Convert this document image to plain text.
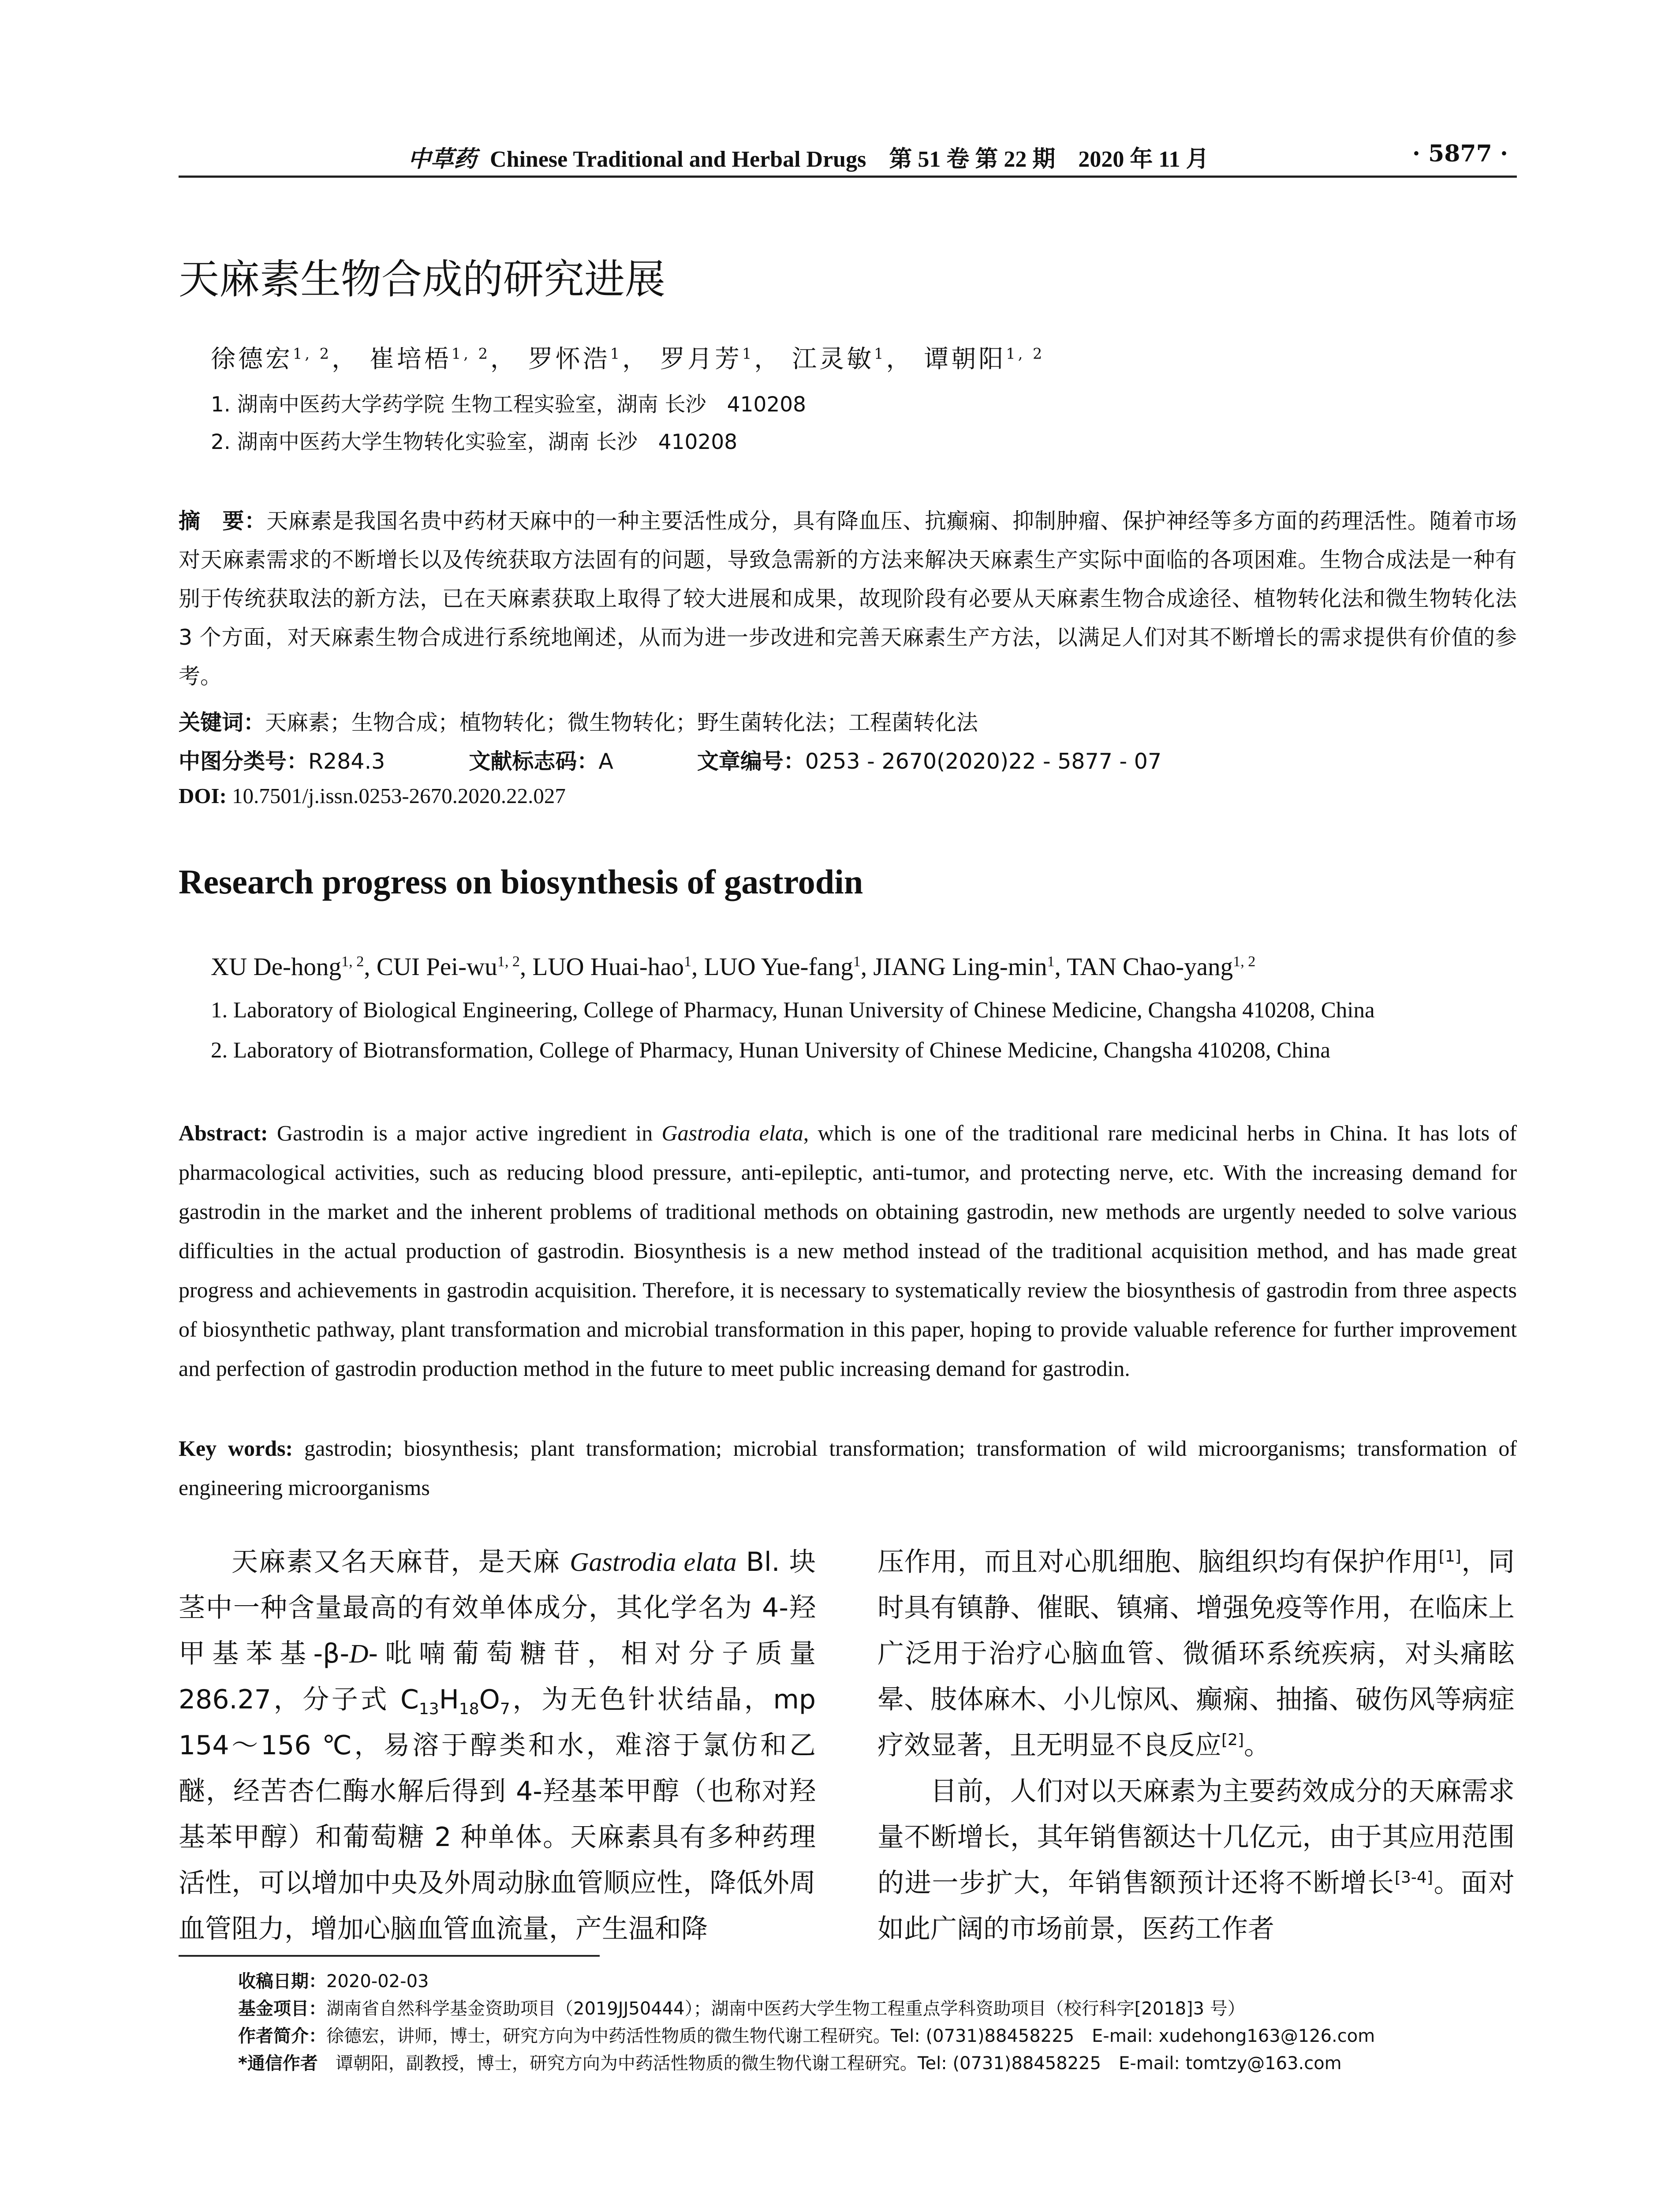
中草药 Chinese Traditional and Herbal Drugs　第 51 卷 第 22 期　2020 年 11 月	· 5877 ·
天麻素生物合成的研究进展
徐德宏$^{1, 2}$， 崔培梧$^{1, 2}$， 罗怀浩$^1$， 罗月芳$^1$， 江灵敏$^1$， 谭朝阳$^{1, 2}$
1. 湖南中医药大学药学院 生物工程实验室，湖南 长沙　410208
2. 湖南中医药大学生物转化实验室，湖南 长沙　410208
摘　要：天麻素是我国名贵中药材天麻中的一种主要活性成分，具有降血压、抗癫痫、抑制肿瘤、保护神经等多方面的药理活性。随着市场对天麻素需求的不断增长以及传统获取方法固有的问题，导致急需新的方法来解决天麻素生产实际中面临的各项困难。生物合成法是一种有别于传统获取法的新方法，已在天麻素获取上取得了较大进展和成果，故现阶段有必要从天麻素生物合成途径、植物转化法和微生物转化法 3 个方面，对天麻素生物合成进行系统地阐述，从而为进一步改进和完善天麻素生产方法，以满足人们对其不断增长的需求提供有价值的参考。
关键词：天麻素；生物合成；植物转化；微生物转化；野生菌转化法；工程菌转化法
中图分类号：R284.3	文献标志码：A	文章编号：0253 - 2670(2020)22 - 5877 - 07
DOI: 10.7501/j.issn.0253-2670.2020.22.027
Research progress on biosynthesis of gastrodin
XU De-hong$^{1, 2}$, CUI Pei-wu$^{1, 2}$, LUO Huai-hao$^1$, LUO Yue-fang$^1$, JIANG Ling-$\min^1$, TAN Chao-yang$^{1, 2}$
1. Laboratory of Biological Engineering, College of Pharmacy, Hunan University of Chinese Medicine, Changsha 410208, China
2. Laboratory of Biotransformation, College of Pharmacy, Hunan University of Chinese Medicine, Changsha 410208, China
Abstract: Gastrodin is a major active ingredient in Gastrodia elata, which is one of the traditional rare medicinal herbs in China. It has lots of pharmacological activities, such as reducing blood pressure, anti-epileptic, anti-tumor, and protecting nerve, etc. With the increasing demand for gastrodin in the market and the inherent problems of traditional methods on obtaining gastrodin, new methods are urgently needed to solve various difficulties in the actual production of gastrodin. Biosynthesis is a new method instead of the traditional acquisition method, and has made great progress and achievements in gastrodin acquisition. Therefore, it is necessary to systematically review the biosynthesis of gastrodin from three aspects of biosynthetic pathway, plant transformation and microbial transformation in this paper, hoping to provide valuable reference for further improvement and perfection of gastrodin production method in the future to meet public increasing demand for gastrodin.
Key words: gastrodin; biosynthesis; plant transformation; microbial transformation; transformation of wild microorganisms; transformation of engineering microorganisms

天麻素又名天麻苷，是天麻 Gastrodia elata Bl. 块茎中一种含量最高的有效单体成分，其化学名为 4-羟甲基苯基-β-D-吡喃葡萄糖苷，相对分子质量 286.27，分子式 $C_{13}H_{18}O_7$，为无色针状结晶，mp 154～156 ℃，易溶于醇类和水，难溶于氯仿和乙醚，经苦杏仁酶水解后得到 4-羟基苯甲醇（也称对羟基苯甲醇）和葡萄糖 2 种单体。天麻素具有多种药理活性，可以增加中央及外周动脉血管顺应性，降低外周血管阻力，增加心脑血管血流量，产生温和降

压作用，而且对心肌细胞、脑组织均有保护作用[1]，同时具有镇静、催眠、镇痛、增强免疫等作用，在临床上广泛用于治疗心脑血管、微循环系统疾病，对头痛眩晕、肢体麻木、小儿惊风、癫痫、抽搐、破伤风等病症疗效显著，且无明显不良反应[2]。

目前，人们对以天麻素为主要药效成分的天麻需求量不断增长，其年销售额达十几亿元，由于其应用范围的进一步扩大，年销售额预计还将不断增长[3-4]。面对如此广阔的市场前景，医药工作者

收稿日期：2020-02-03

基金项目：湖南省自然科学基金资助项目（2019JJ50444）；湖南中医药大学生物工程重点学科资助项目（校行科字[2018]3 号）

作者简介：徐德宏，讲师，博士，研究方向为中药活性物质的微生物代谢工程研究。Tel: (0731)88458225　E-mail: xudehong163@126.com

*通信作者　 谭朝阳，副教授，博士，研究方向为中药活性物质的微生物代谢工程研究。Tel: (0731)88458225　E-mail: tomtzy@163.com
